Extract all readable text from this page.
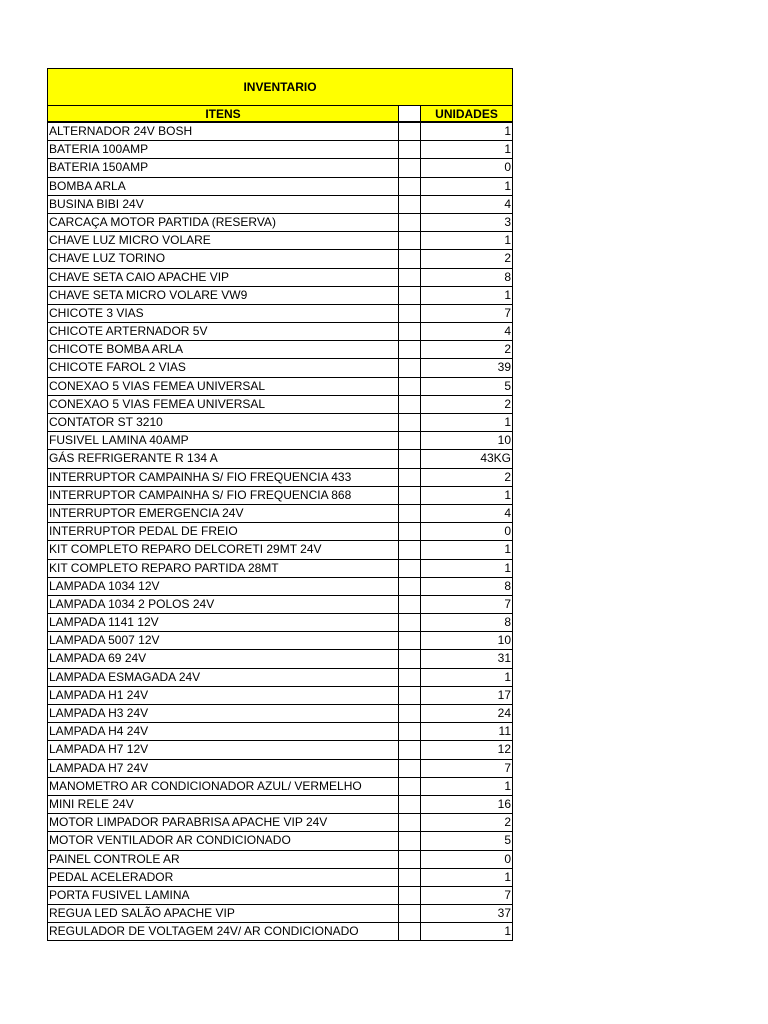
INVENTARIO
ITENS	UNIDADES
ALTERNADOR 24V BOSH	1
BATERIA 100AMP	1
BATERIA 150AMP	0
BOMBA ARLA	1
BUSINA BIBI 24V	4
CARCAÇA MOTOR PARTIDA (RESERVA)	3
CHAVE LUZ MICRO VOLARE	1
CHAVE LUZ TORINO	2
CHAVE SETA CAIO APACHE VIP	8
CHAVE SETA MICRO VOLARE VW9	1
CHICOTE 3 VIAS	7
CHICOTE ARTERNADOR 5V	4
CHICOTE BOMBA ARLA	2
CHICOTE FAROL 2 VIAS	39
CONEXAO 5 VIAS FEMEA UNIVERSAL	5
CONEXAO 5 VIAS FEMEA UNIVERSAL	2
CONTATOR ST 3210	1
FUSIVEL LAMINA 40AMP	10
GÁS REFRIGERANTE R 134 A	43KG
INTERRUPTOR CAMPAINHA S/ FIO FREQUENCIA 433	2
INTERRUPTOR CAMPAINHA S/ FIO FREQUENCIA 868	1
INTERRUPTOR EMERGENCIA 24V	4
INTERRUPTOR PEDAL DE FREIO	0
KIT COMPLETO REPARO DELCORETI 29MT 24V	1
KIT COMPLETO REPARO PARTIDA 28MT	1
LAMPADA 1034 12V	8
LAMPADA 1034 2 POLOS 24V	7
LAMPADA 1141 12V	8
LAMPADA 5007 12V	10
LAMPADA 69 24V	31
LAMPADA ESMAGADA 24V	1
LAMPADA H1 24V	17
LAMPADA H3 24V	24
LAMPADA H4 24V	11
LAMPADA H7 12V	12
LAMPADA H7 24V	7
MANOMETRO AR CONDICIONADOR AZUL/ VERMELHO	1
MINI RELE 24V	16
MOTOR LIMPADOR PARABRISA APACHE VIP 24V	2
MOTOR VENTILADOR AR CONDICIONADO	5
PAINEL CONTROLE AR	0
PEDAL ACELERADOR	1
PORTA FUSIVEL LAMINA	7
REGUA LED SALÃO APACHE VIP	37
REGULADOR DE VOLTAGEM 24V/ AR CONDICIONADO	1
